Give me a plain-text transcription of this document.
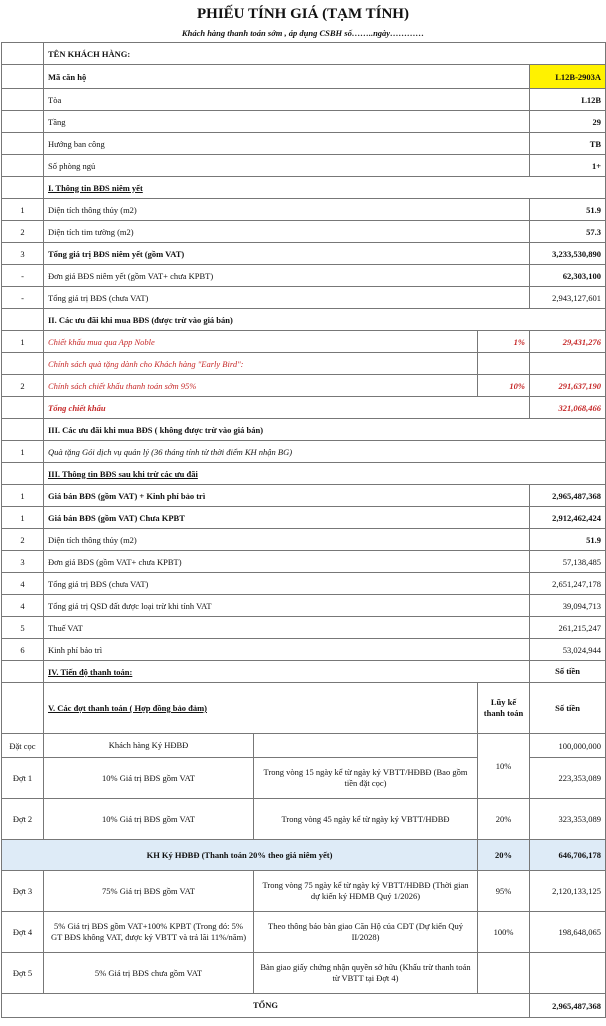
PHIẾU TÍNH GIÁ (TẠM TÍNH)
Khách hàng thanh toán sớm , áp dụng CSBH số……..ngày…………
	TÊN KHÁCH HÀNG:			
	Mã căn hộ			L12B-2903A
	Tòa			L12B
	Tầng			29
	Hướng ban công			TB
	Số phòng ngủ			1+
	I. Thông tin BĐS niêm yết			
1	Diện tích thông thủy (m2)			51.9
2	Diện tích tim tường (m2)			57.3
3	Tổng giá trị BĐS niêm yết (gồm VAT)			3,233,530,890
-	Đơn giá BĐS niêm yết (gồm VAT+ chưa KPBT)			62,303,100
-	Tổng giá trị BĐS (chưa VAT)			2,943,127,601
	II. Các ưu đãi khi mua BĐS (được trừ vào giá bán)			
1	Chiết khấu mua qua App Noble		1%	29,431,276
	Chính sách quà tặng dành cho Khách hàng "Early Bird":			
2	Chính sách chiết khấu thanh toán sớm 95%		10%	291,637,190
	Tổng chiết khấu			321,068,466
	III. Các ưu đãi khi mua BĐS ( không được trừ vào giá bán)			
1	Quà tặng Gói dịch vụ quản lý (36 tháng tính từ thời điểm KH nhận BG)			
	III. Thông tin BĐS sau khi trừ các ưu đãi			
1	Giá bán BĐS (gồm VAT) + Kinh phí bảo trì			2,965,487,368
1	Giá bán BĐS (gồm VAT) Chưa KPBT			2,912,462,424
2	Diện tích thông thủy (m2)			51.9
3	Đơn giá BĐS (gồm VAT+ chưa KPBT)			57,138,485
4	Tổng giá trị BĐS (chưa VAT)			2,651,247,178
4	Tổng giá trị QSD đất được loại trừ khi tính VAT			39,094,713
5	Thuế VAT			261,215,247
6	Kinh phí bảo trì			53,024,944
	IV. Tiến độ thanh toán:			Số tiền
	V. Các đợt thanh toán ( Hợp đồng bảo đảm)		Lũy kế thanh toán	Số tiền
Đặt cọc	Khách hàng Ký HĐBĐ		10%	100,000,000
Đợt 1	10% Giá trị BĐS gồm VAT	Trong vòng 15 ngày kể từ ngày ký VBTT/HĐBĐ (Bao gồm tiền đặt cọc)		223,353,089
Đợt 2	10% Giá trị BĐS gồm VAT	Trong vòng 45 ngày kể từ ngày ký VBTT/HĐBĐ	20%	323,353,089
KH Ký HĐBĐ (Thanh toán 20% theo giá niêm yết)			20%	646,706,178
Đợt 3	75% Giá trị BĐS gồm VAT	Trong vòng 75 ngày kể từ ngày ký VBTT/HĐBĐ (Thời gian dự kiến ký HĐMB Quý 1/2026)	95%	2,120,133,125
Đợt 4	5% Giá trị BĐS gồm VAT+100% KPBT (Trong đó: 5% GT BĐS không VAT, được ký VBTT và trả lãi 11%/năm)	Theo thông báo bàn giao Căn Hộ của CĐT (Dự kiến Quý II/2028)	100%	198,648,065
Đợt 5	5% Giá trị BĐS chưa gồm VAT	Bàn giao giấy chứng nhận quyền sở hữu (Khấu trừ thanh toán từ VBTT tại Đợt 4)		
TỔNG				2,965,487,368
